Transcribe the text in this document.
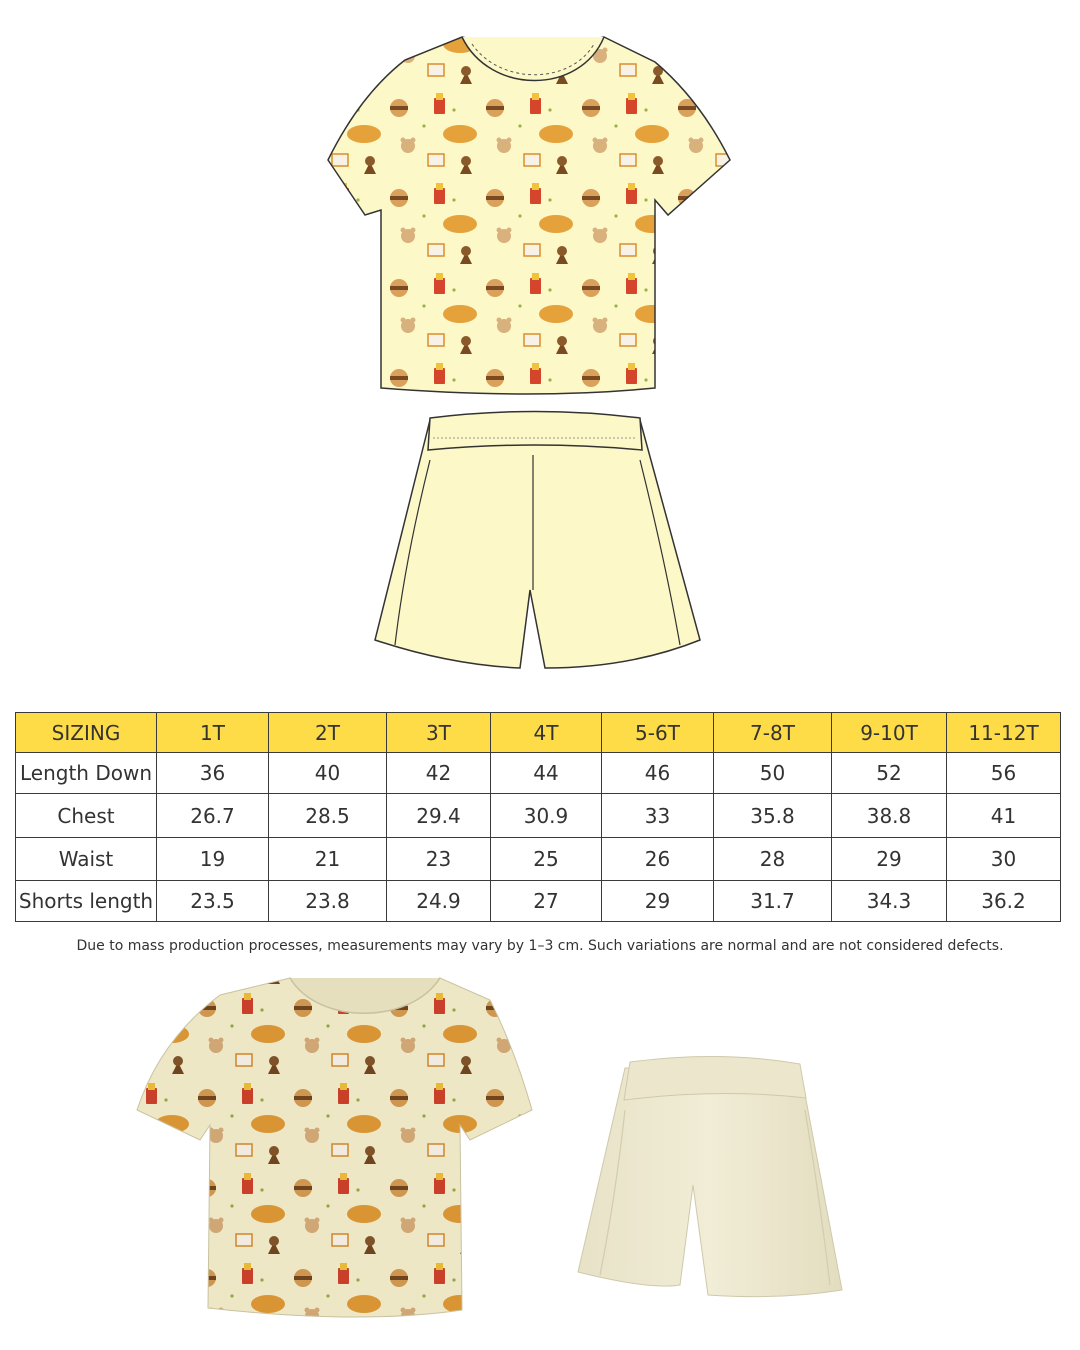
SIZING	1T	2T	3T	4T	5-6T	7-8T	9-10T	11-12T
Length Down	36	40	42	44	46	50	52	56
Chest	26.7	28.5	29.4	30.9	33	35.8	38.8	41
Waist	19	21	23	25	26	28	29	30
Shorts length	23.5	23.8	24.9	27	29	31.7	34.3	36.2
Due to mass production processes, measurements may vary by 1–3 cm. Such variations are normal and are not considered defects.
